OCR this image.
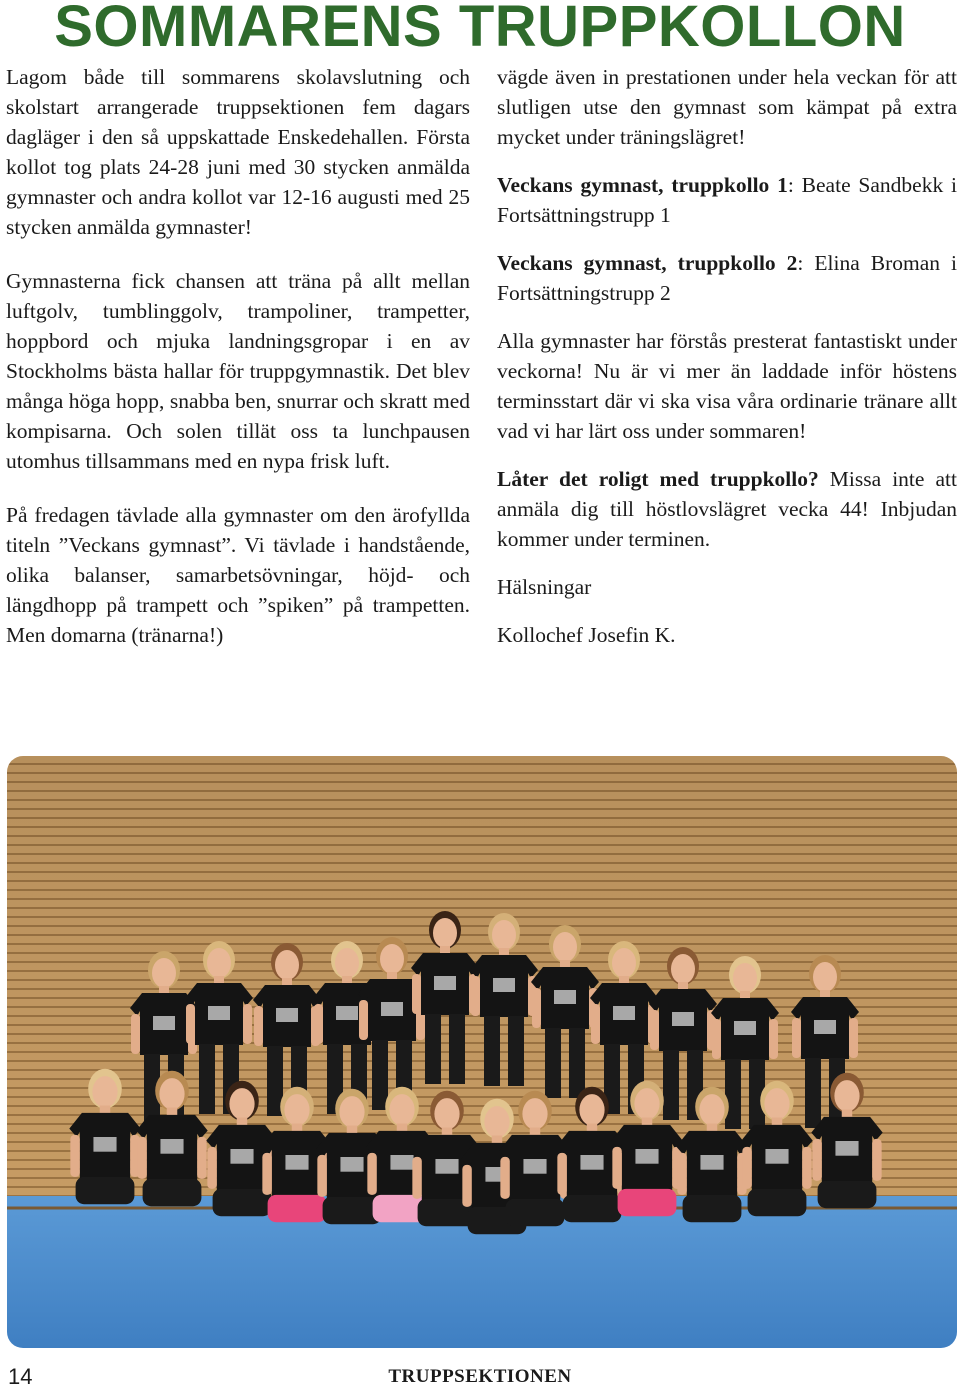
SOMMARENS TRUPPKOLLON

Lagom både till sommarens skolavslutning och skolstart arrangerade truppsektionen fem dagars dagläger i den så uppskattade Enskedehallen. Första kollot tog plats 24-28 juni med 30 stycken anmälda gymnaster och andra kollot var 12-16 augusti med 25 stycken anmälda gymnaster!

Gymnasterna fick chansen att träna på allt mellan luftgolv, tumblinggolv, trampoliner, trampetter, hoppbord och mjuka landningsgropar i en av Stockholms bästa hallar för truppgymnastik. Det blev många höga hopp, snabba ben, snurrar och skratt med kompisarna. Och solen tillät oss ta lunchpausen utomhus tillsammans med en nypa frisk luft.

På fredagen tävlade alla gymnaster om den ärofyllda titeln ”Veckans gymnast”. Vi tävlade i handstående, olika balanser, samarbetsövningar, höjd- och längdhopp på trampett och ”spiken” på trampetten. Men domarna (tränarna!)

vägde även in prestationen under hela veckan för att slutligen utse den gymnast som kämpat på extra mycket under träningslägret!

Veckans gymnast, truppkollo 1: Beate Sandbekk i Fortsättningstrupp 1

Veckans gymnast, truppkollo 2: Elina Broman i Fortsättningstrupp 2

Alla gymnaster har förstås presterat fantastiskt under veckorna! Nu är vi mer än laddade inför höstens terminsstart där vi ska visa våra ordinarie tränare allt vad vi har lärt oss under sommaren!

Låter det roligt med truppkollo? Missa inte att anmäla dig till höstlovslägret vecka 44! Inbjudan kommer under terminen.

Hälsningar

Kollochef Josefin K.

14	TRUPPSEKTIONEN
